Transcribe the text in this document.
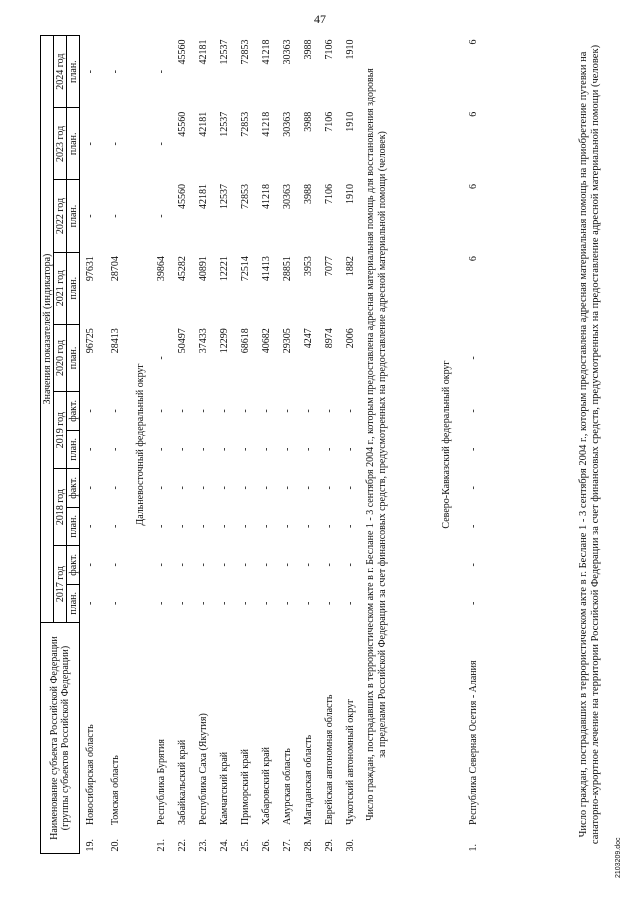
47
2103209.doc
Наименование субъекта Российской Федерации (группы субъектов Российской Федерации)		Значения показателей (индикатора)										
		2017 год		2018 год		2019 год		2020 год	2021 год	2022 год	2023 год	2024 год
		план.	факт.	план.	факт.	план.	факт.	план.	план.	план.	план.	план.
19.	Новосибирская область	-	-	-	-	-	-	96725	97631	-	-	-
20.	Томская область	-	-	-	-	-	-	28413	28704	-	-	-
Дальневосточный федеральный округ												
21.	Республика Бурятия	-	-	-	-	-	-	-	39864	-	-	-
22.	Забайкальский край	-	-	-	-	-	-	50497	45282	45560	45560	45560
23.	Республика Саха (Якутия)	-	-	-	-	-	-	37433	40891	42181	42181	42181
24.	Камчатский край	-	-	-	-	-	-	12299	12221	12537	12537	12537
25.	Приморский край	-	-	-	-	-	-	68618	72514	72853	72853	72853
26.	Хабаровский край	-	-	-	-	-	-	40682	41413	41218	41218	41218
27.	Амурская область	-	-	-	-	-	-	29305	28851	30363	30363	30363
28.	Магаданская область	-	-	-	-	-	-	4247	3953	3988	3988	3988
29.	Еврейская автономная область	-	-	-	-	-	-	8974	7077	7106	7106	7106
30.	Чукотский автономный округ	-	-	-	-	-	-	2006	1882	1910	1910	1910
Число граждан, пострадавших в террористическом акте в г. Беслане 1 - 3 сентября 2004 г., которым предоставлена адресная материальная помощь для восстановления здоровья за пределами Российской Федерации за счет финансовых средств, предусмотренных на предоставление адресной материальной помощи (человек)												
Северо-Кавказский федеральный округ												
1.	Республика Северная Осетия - Алания	-	-	-	-	-	-	-	6	6	6	6
Число граждан, пострадавших в террористическом акте в г. Беслане 1 - 3 сентября 2004 г., которым предоставлена адресная материальная помощь на приобретение путевки на санаторно-курортное лечение на территории Российской Федерации за счет финансовых средств, предусмотренных на предоставление адресной материальной помощи (человек)
